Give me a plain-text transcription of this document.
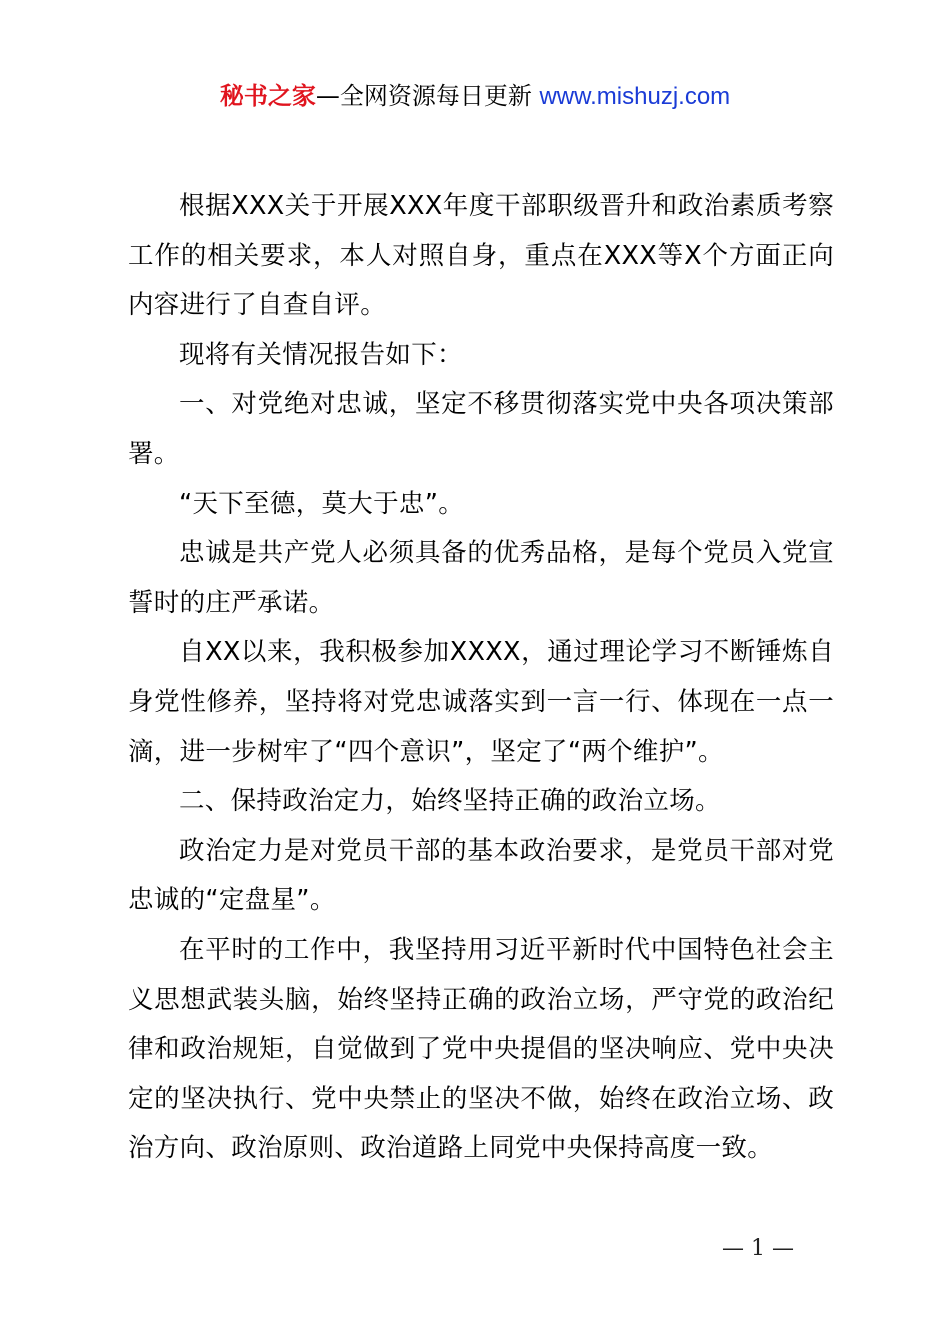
秘书之家—全网资源每日更新 www.mishuzj.com

根据XXX关于开展XXX年度干部职级晋升和政治素质考察工作的相关要求，本人对照自身，重点在XXX等X个方面正向内容进行了自查自评。

现将有关情况报告如下：

一、对党绝对忠诚，坚定不移贯彻落实党中央各项决策部署。

“天下至德，莫大于忠”。

忠诚是共产党人必须具备的优秀品格，是每个党员入党宣誓时的庄严承诺。

自XX以来，我积极参加XXXX，通过理论学习不断锤炼自身党性修养，坚持将对党忠诚落实到一言一行、体现在一点一滴，进一步树牢了“四个意识”，坚定了“两个维护”。

二、保持政治定力，始终坚持正确的政治立场。

政治定力是对党员干部的基本政治要求，是党员干部对党忠诚的“定盘星”。

在平时的工作中，我坚持用习近平新时代中国特色社会主义思想武装头脑，始终坚持正确的政治立场，严守党的政治纪律和政治规矩，自觉做到了党中央提倡的坚决响应、党中央决定的坚决执行、党中央禁止的坚决不做，始终在政治立场、政治方向、政治原则、政治道路上同党中央保持高度一致。

— 1 —
